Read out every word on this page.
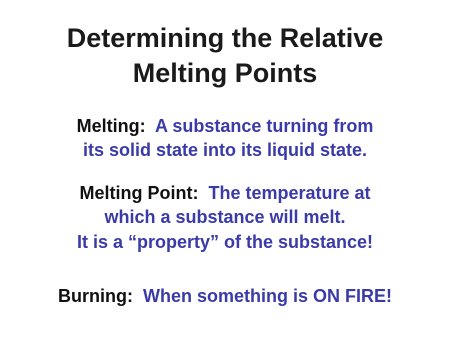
Determining the Relative
Melting Points
Melting: A substance turning from
its solid state into its liquid state.
Melting Point: The temperature at
which a substance will melt.
It is a “property” of the substance!
Burning: When something is ON FIRE!
